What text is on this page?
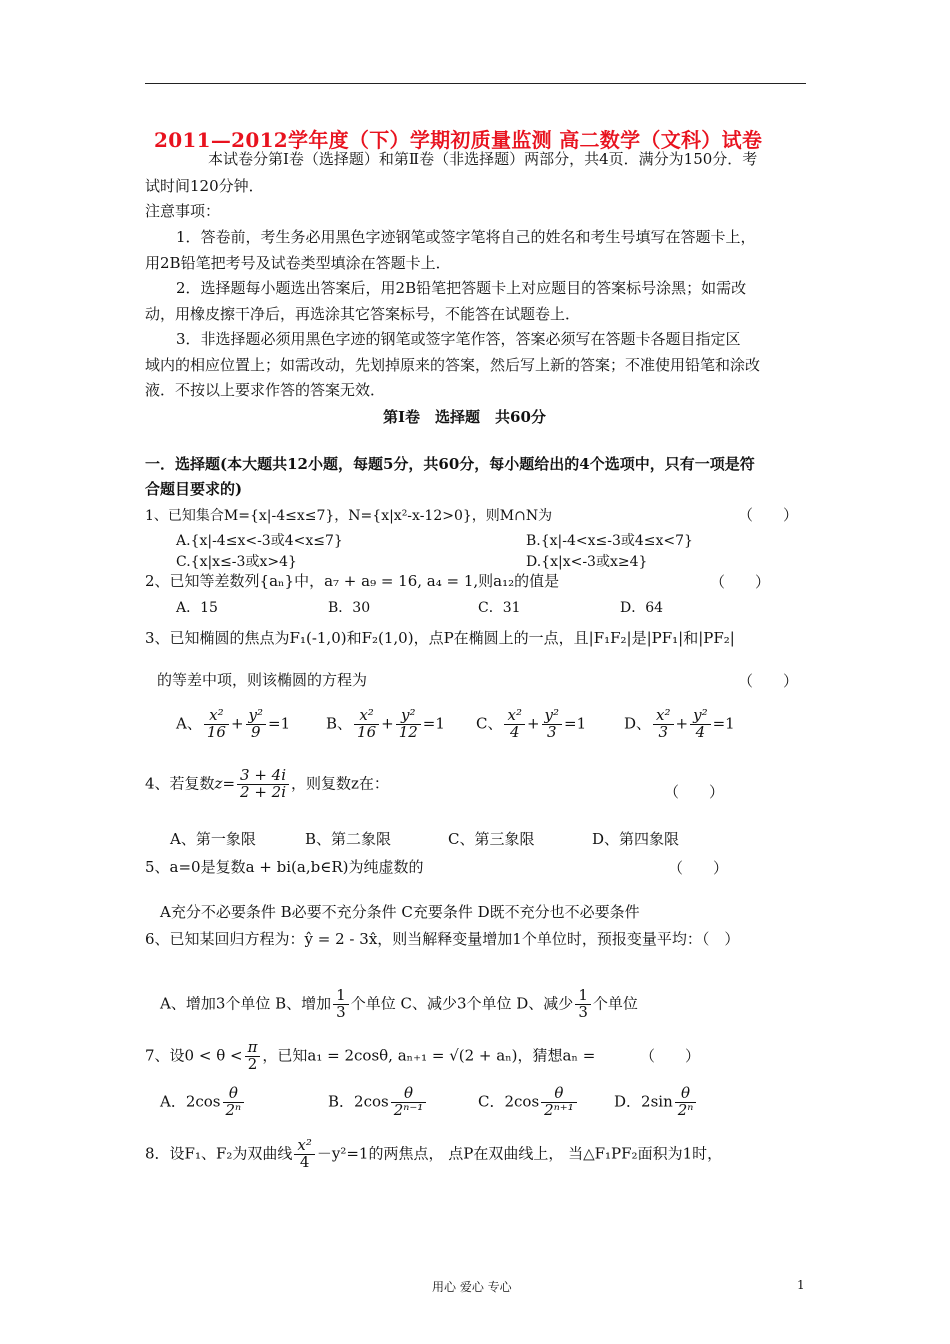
2011—2012学年度（下）学期初质量监测 高二数学（文科）试卷
本试卷分第Ⅰ卷（选择题）和第Ⅱ卷（非选择题）两部分，共4页．满分为150分．考
试时间120分钟．
注意事项：
1．答卷前，考生务必用黑色字迹钢笔或签字笔将自己的姓名和考生号填写在答题卡上，
用2B铅笔把考号及试卷类型填涂在答题卡上．
2．选择题每小题选出答案后，用2B铅笔把答题卡上对应题目的答案标号涂黑；如需改
动，用橡皮擦干净后，再选涂其它答案标号，不能答在试题卷上．
3．非选择题必须用黑色字迹的钢笔或签字笔作答，答案必须写在答题卡各题目指定区
域内的相应位置上；如需改动，先划掉原来的答案，然后写上新的答案；不准使用铅笔和涂改
液．不按以上要求作答的答案无效．
第Ⅰ卷　选择题　共60分
一．选择题(本大题共12小题，每题5分，共60分，每小题给出的4个选项中，只有一项是符
合题目要求的)
1、已知集合M={x|-4≤x≤7}，N={x|x²-x-12>0}，则M∩N为	（　　）
A.{x|-4≤x<-3或4<x≤7}	B.{x|-4<x≤-3或4≤x<7}
C.{x|x≤-3或x>4}	D.{x|x<-3或x≥4}
2、已知等差数列{aₙ}中，a₇ + a₉ = 16, a₄ = 1,则a₁₂的值是	（　　）
A．15	B．30	C．31	D．64
3、已知椭圆的焦点为F₁(-1,0)和F₂(1,0)，点P在椭圆上的一点，且|F₁F₂|是|PF₁|和|PF₂|
的等差中项，则该椭圆的方程为	（　　）
A、 $\frac{\text{x²}}{16} + \frac{\text{y²}}{9} =1$ B、 $\frac{\text{x²}}{16} + \frac{\text{y²}}{12} =1$ C、 $\frac{\text{x²}}{4} + \frac{\text{y²}}{3} =1$	D、 $\frac{\text{x²}}{3} + \frac{\text{y²}}{4} =1$
4、若复数$z= \frac{3 + 4i}{2 + 2i}$ ，则复数z在：	（　　）
A、第一象限	B、第二象限	C、第三象限	D、第四象限
5、a=0是复数a + bi(a,b∈R)为纯虚数的	（　　）
A充分不必要条件 B必要不充分条件 C充要条件 D既不充分也不必要条件
6、已知某回归方程为：ŷ = 2 - 3x̂，则当解释变量增加1个单位时，预报变量平均：（　）
A、增加3个单位 B、增加 $\frac{1}{3}$ 个单位 C、减少3个单位 D、减少 $\frac{1}{3}$ 个单位
7、设$0 < \theta < \frac{\pi}{2}$ ，已知a₁ = 2cosθ, aₙ₊₁ = √(2 + aₙ)，猜想aₙ =	（　　）
A．$2\cos \frac{\theta}{\text{2ⁿ}}$	B．$2\cos \frac{\theta}{\text{2ⁿ⁻¹}}$	C．$2\cos \frac{\theta}{\text{2ⁿ⁺¹}}$ D．$2\sin \frac{\theta}{\text{2ⁿ}}$
8．设F₁、F₂为双曲线 $\frac{\text{x²}}{4} -y^2=1$的两焦点， 点P在双曲线上， 当△F₁PF₂面积为1时，
用心 爱心 专心	1
